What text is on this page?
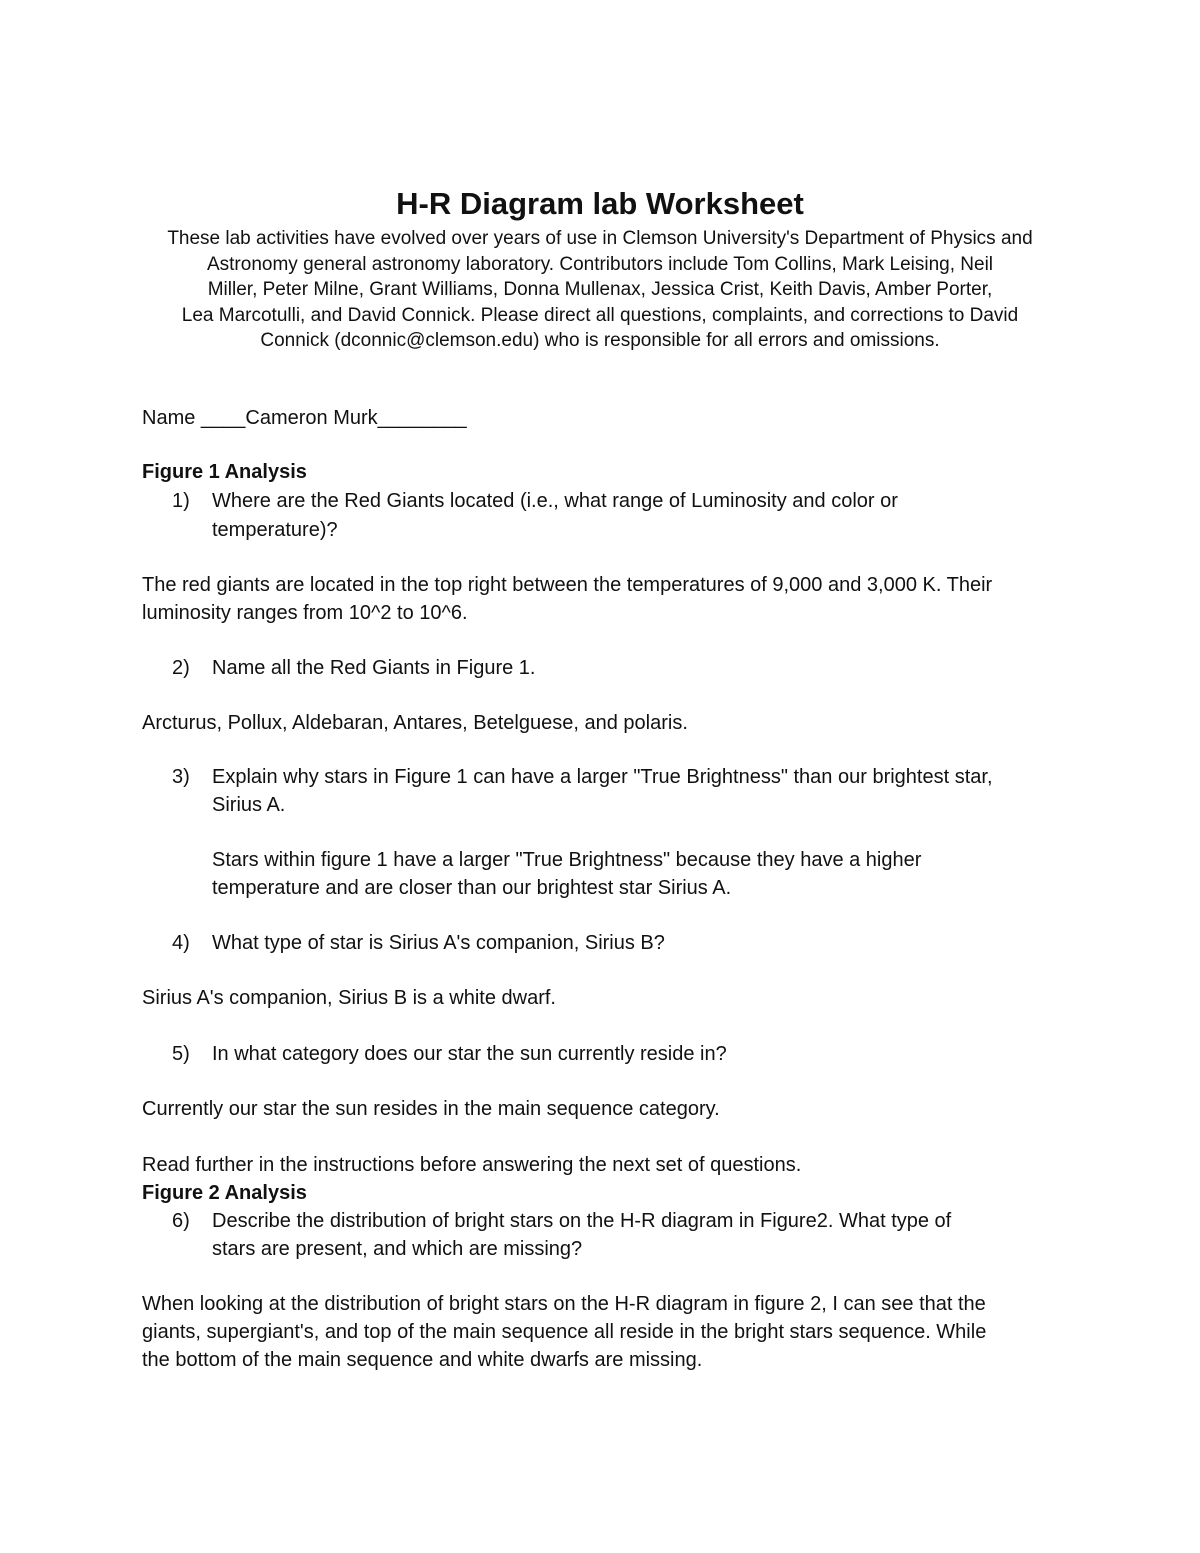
H-R Diagram lab Worksheet

These lab activities have evolved over years of use in Clemson University's Department of Physics and

Astronomy general astronomy laboratory. Contributors include Tom Collins, Mark Leising, Neil

Miller, Peter Milne, Grant Williams, Donna Mullenax, Jessica Crist, Keith Davis, Amber Porter,

Lea Marcotulli, and David Connick. Please direct all questions, complaints, and corrections to David

Connick (dconnic@clemson.edu) who is responsible for all errors and omissions.

Name ____Cameron Murk________

Figure 1 Analysis

1) Where are the Red Giants located (i.e., what range of Luminosity and color or

temperature)?

The red giants are located in the top right between the temperatures of 9,000 and 3,000 K. Their

luminosity ranges from 10^2 to 10^6.

2) Name all the Red Giants in Figure 1.

Arcturus, Pollux, Aldebaran, Antares, Betelguese, and polaris.

3) Explain why stars in Figure 1 can have a larger "True Brightness" than our brightest star,

Sirius A.

Stars within figure 1 have a larger "True Brightness" because they have a higher

temperature and are closer than our brightest star Sirius A.

4) What type of star is Sirius A's companion, Sirius B?

Sirius A's companion, Sirius B is a white dwarf.

5) In what category does our star the sun currently reside in?

Currently our star the sun resides in the main sequence category.

Read further in the instructions before answering the next set of questions.

Figure 2 Analysis

6) Describe the distribution of bright stars on the H-R diagram in Figure2. What type of

stars are present, and which are missing?

When looking at the distribution of bright stars on the H-R diagram in figure 2, I can see that the

giants, supergiant's, and top of the main sequence all reside in the bright stars sequence. While

the bottom of the main sequence and white dwarfs are missing.
